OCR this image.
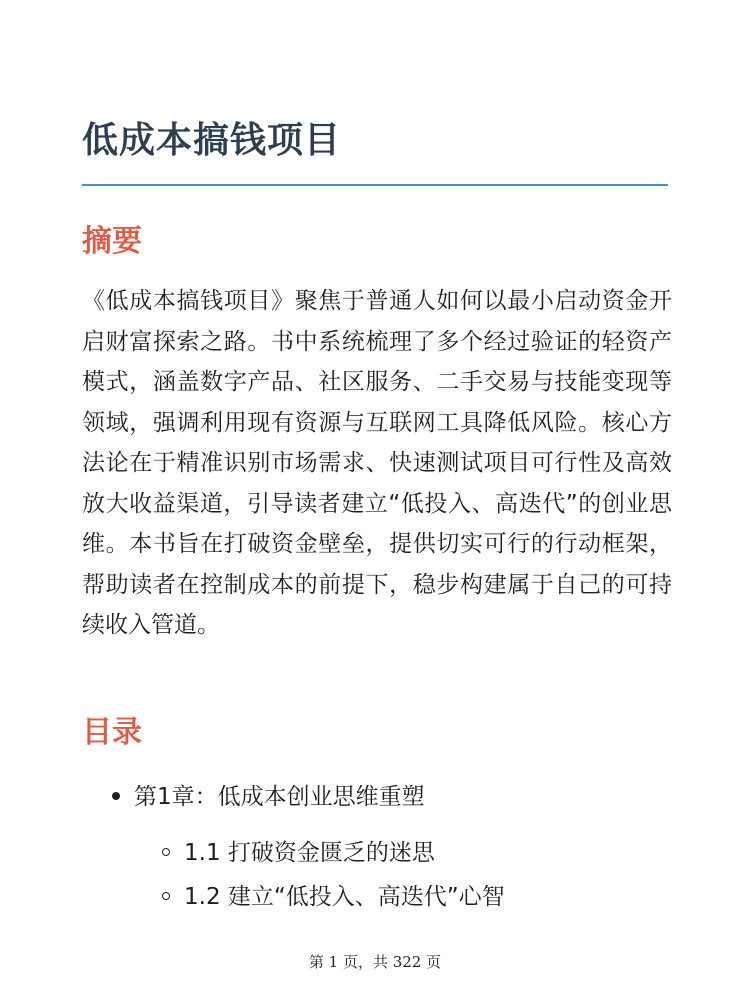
低成本搞钱项目
摘要

《低成本搞钱项目》聚焦于普通人如何以最小启动资金开启财富探索之路。书中系统梳理了多个经过验证的轻资产模式，涵盖数字产品、社区服务、二手交易与技能变现等领域，强调利用现有资源与互联网工具降低风险。核心方法论在于精准识别市场需求、快速测试项目可行性及高效放大收益渠道，引导读者建立“低投入、高迭代”的创业思维。本书旨在打破资金壁垒，提供切实可行的行动框架，帮助读者在控制成本的前提下，稳步构建属于自己的可持续收入管道。

目录
第1章：低成本创业思维重塑
1.1 打破资金匮乏的迷思
1.2 建立“低投入、高迭代”心智
第 1 页，共 322 页
